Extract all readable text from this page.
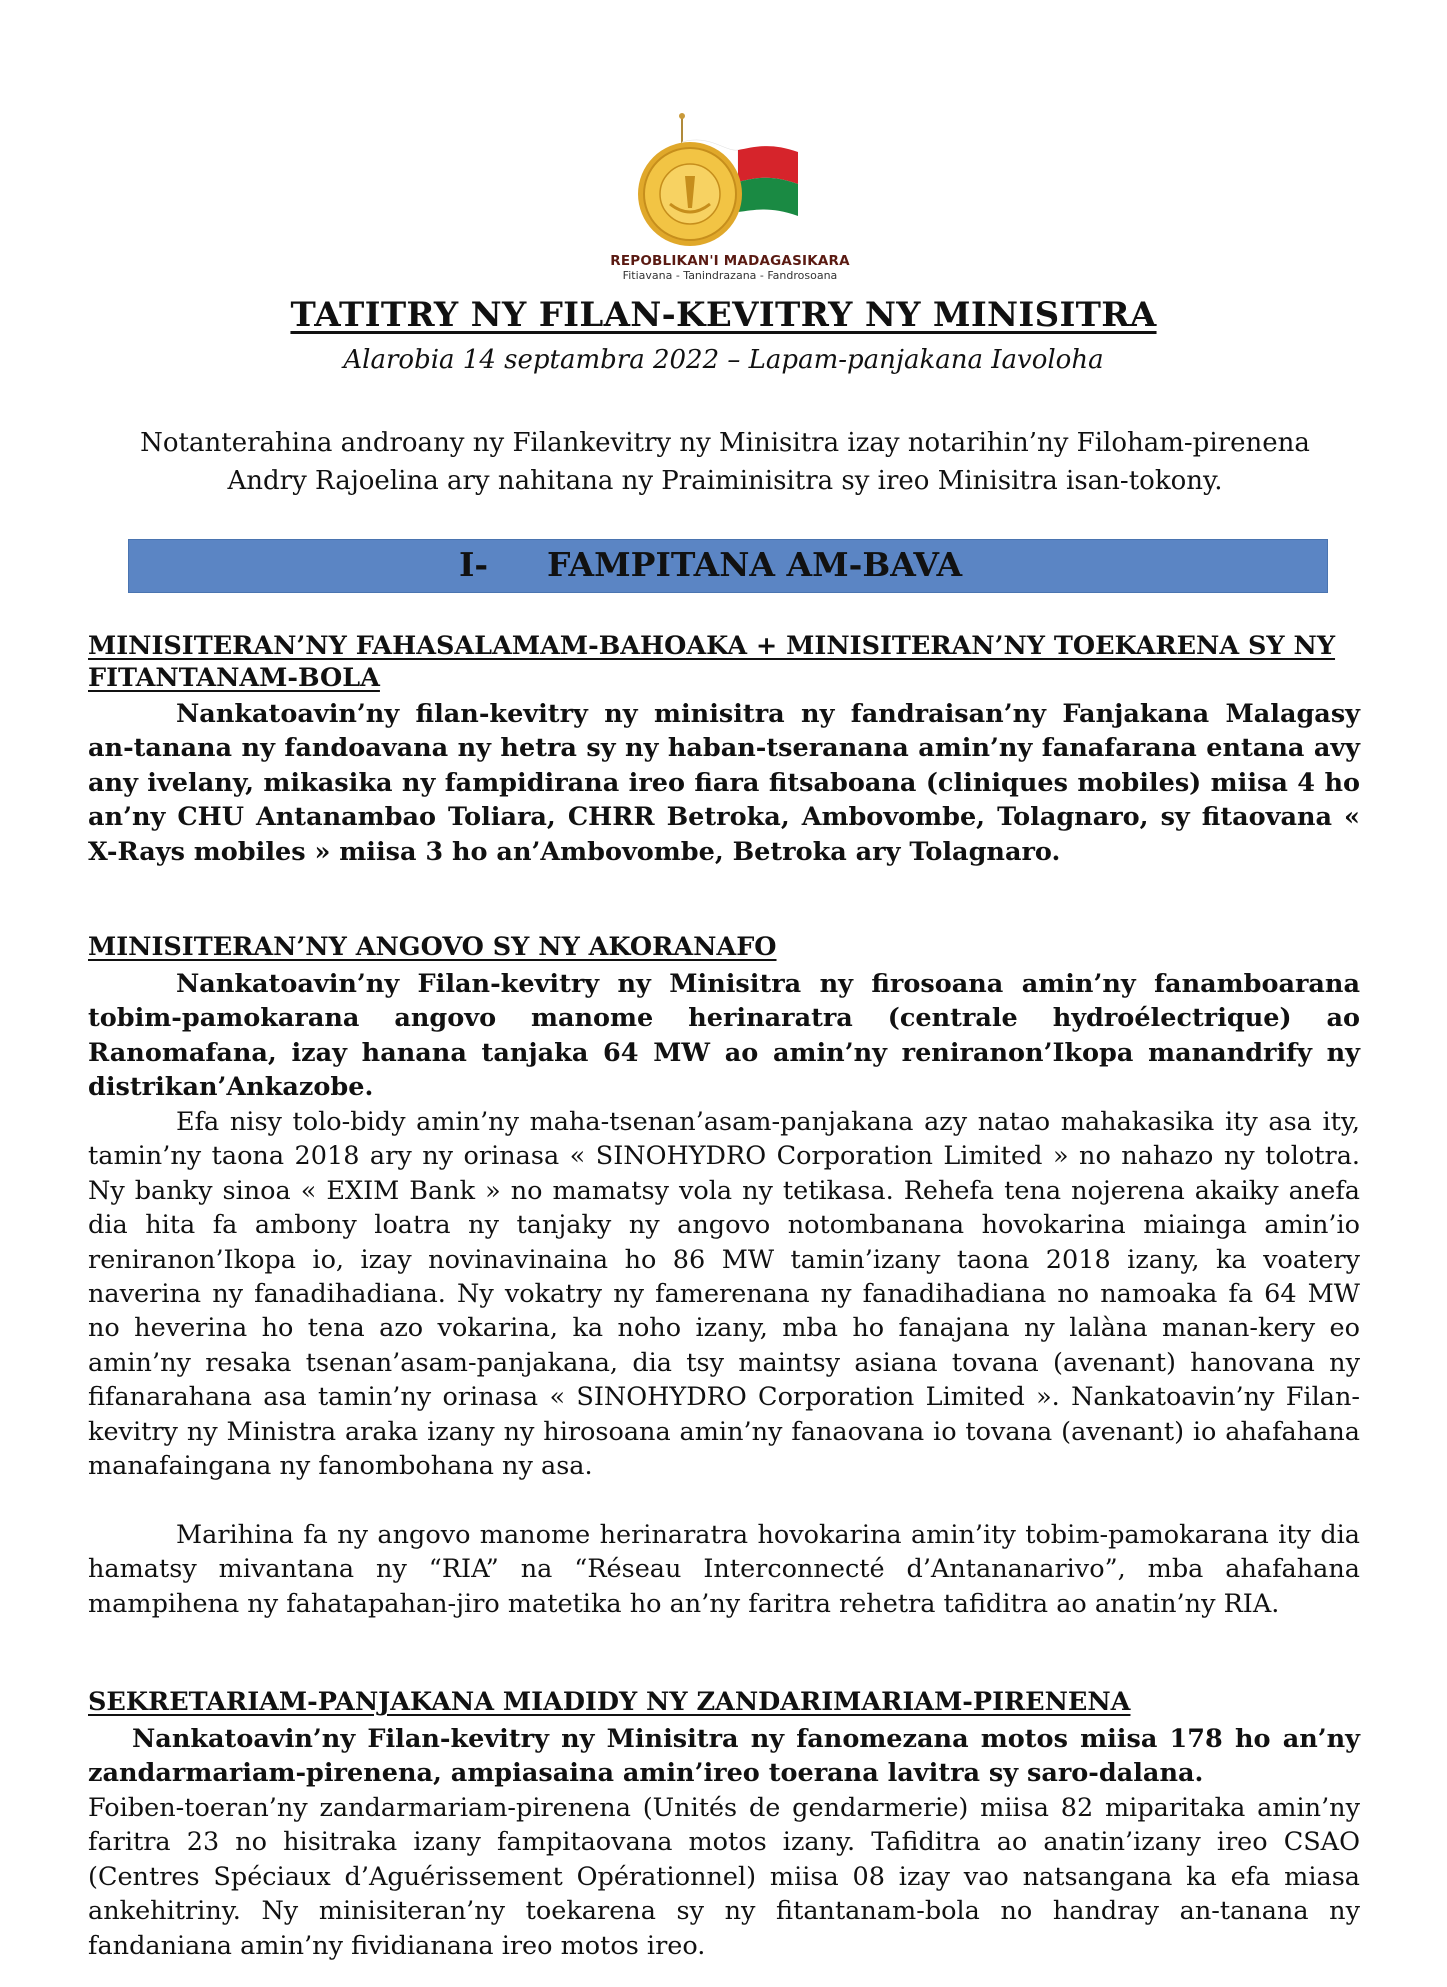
REPOBLIKAN'I MADAGASIKARA
Fitiavana - Tanindrazana - Fandrosoana
TATITRY NY FILAN-KEVITRY NY MINISITRA
Alarobia 14 septambra 2022 – Lapam-panjakana Iavoloha
Notanterahina androany ny Filankevitry ny Minisitra izay notarihin’ny Filoham-pirenena Andry Rajoelina ary nahitana ny Praiminisitra sy ireo Minisitra isan-tokony.
I- FAMPITANA AM-BAVA
MINISITERAN’NY FAHASALAMAM-BAHOAKA + MINISITERAN’NY TOEKARENA SY NY FITANTANAM-BOLA
Nankatoavin’ny filan-kevitry ny minisitra ny fandraisan’ny Fanjakana Malagasy an-tanana ny fandoavana ny hetra sy ny haban-tseranana amin’ny fanafarana entana avy any ivelany, mikasika ny fampidirana ireo fiara fitsaboana (cliniques mobiles) miisa 4 ho an’ny CHU Antanambao Toliara, CHRR Betroka, Ambovombe, Tolagnaro, sy fitaovana « X-Rays mobiles » miisa 3 ho an’Ambovombe, Betroka ary Tolagnaro.
MINISITERAN’NY ANGOVO SY NY AKORANAFO
Nankatoavin’ny Filan-kevitry ny Minisitra ny firosoana amin’ny fanamboarana tobim-pamokarana angovo manome herinaratra (centrale hydroélectrique) ao Ranomafana, izay hanana tanjaka 64 MW ao amin’ny reniranon’Ikopa manandrify ny distrikan’Ankazobe.
Efa nisy tolo-bidy amin’ny maha-tsenan’asam-panjakana azy natao mahakasika ity asa ity, tamin’ny taona 2018 ary ny orinasa « SINOHYDRO Corporation Limited » no nahazo ny tolotra. Ny banky sinoa « EXIM Bank » no mamatsy vola ny tetikasa. Rehefa tena nojerena akaiky anefa dia hita fa ambony loatra ny tanjaky ny angovo notombanana hovokarina miainga amin’io reniranon’Ikopa io, izay novinavinaina ho 86 MW tamin’izany taona 2018 izany, ka voatery naverina ny fanadihadiana. Ny vokatry ny famerenana ny fanadihadiana no namoaka fa 64 MW no heverina ho tena azo vokarina, ka noho izany, mba ho fanajana ny lalàna manan-kery eo amin’ny resaka tsenan’asam-panjakana, dia tsy maintsy asiana tovana (avenant) hanovana ny fifanarahana asa tamin’ny orinasa « SINOHYDRO Corporation Limited ». Nankatoavin’ny Filan-kevitry ny Ministra araka izany ny hirosoana amin’ny fanaovana io tovana (avenant) io ahafahana manafaingana ny fanombohana ny asa.
Marihina fa ny angovo manome herinaratra hovokarina amin’ity tobim-pamokarana ity dia hamatsy mivantana ny “RIA” na “Réseau Interconnecté d’Antananarivo”, mba ahafahana mampihena ny fahatapahan-jiro matetika ho an’ny faritra rehetra tafiditra ao anatin’ny RIA.
SEKRETARIAM-PANJAKANA MIADIDY NY ZANDARIMARIAM-PIRENENA
Nankatoavin’ny Filan-kevitry ny Minisitra ny fanomezana motos miisa 178 ho an’ny zandarmariam-pirenena, ampiasaina amin’ireo toerana lavitra sy saro-dalana.
Foiben-toeran’ny zandarmariam-pirenena (Unités de gendarmerie) miisa 82 miparitaka amin’ny faritra 23 no hisitraka izany fampitaovana motos izany. Tafiditra ao anatin’izany ireo CSAO (Centres Spéciaux d’Aguérissement Opérationnel) miisa 08 izay vao natsangana ka efa miasa ankehitriny. Ny minisiteran’ny toekarena sy ny fitantanam-bola no handray an-tanana ny fandaniana amin’ny fividianana ireo motos ireo.
